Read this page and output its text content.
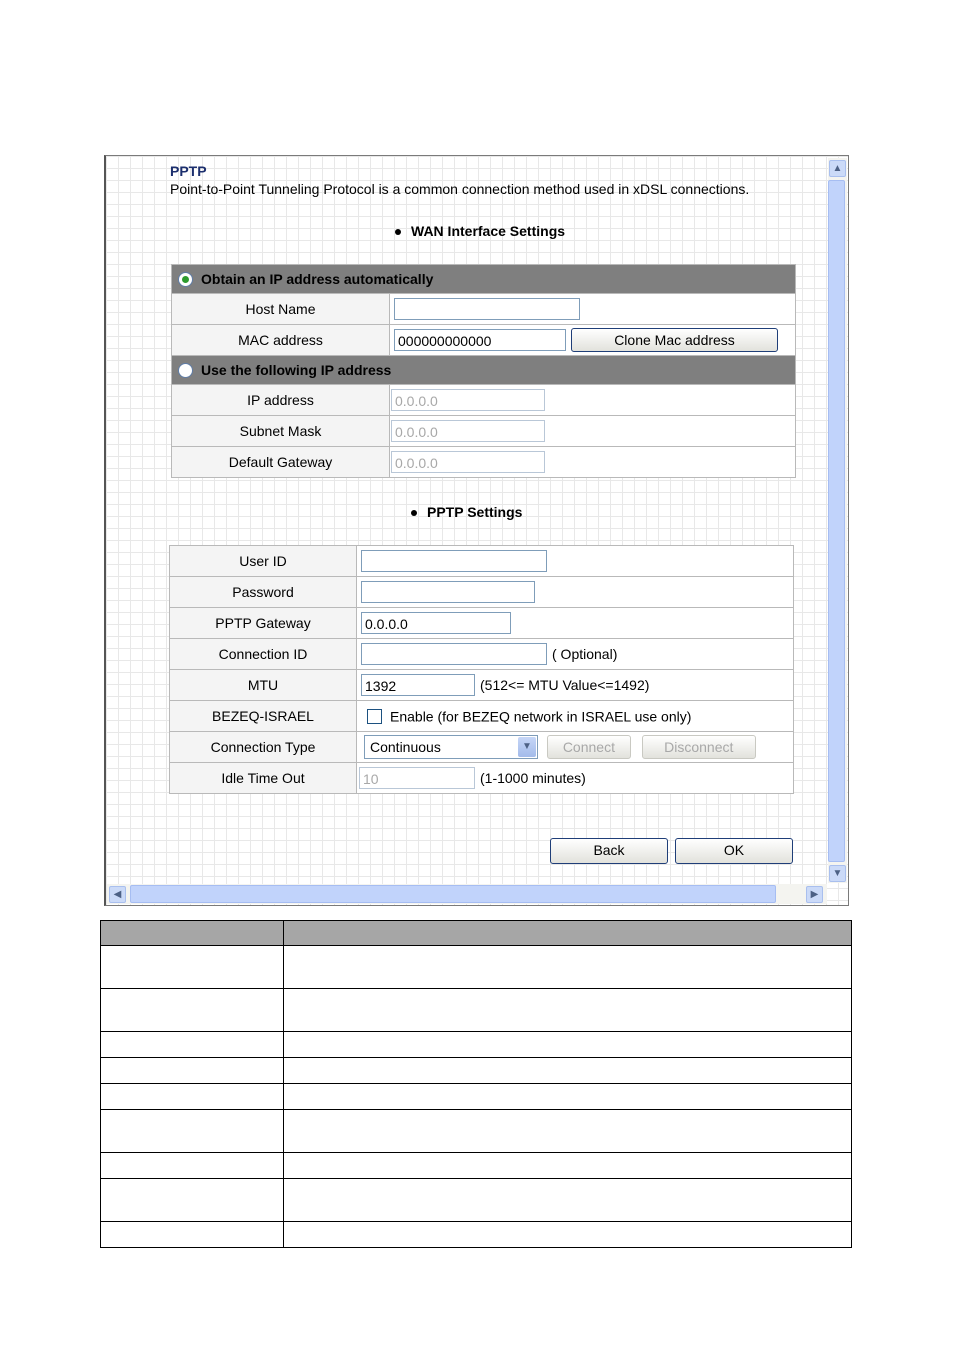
PPTP
Point-to-Point Tunneling Protocol is a common connection method used in xDSL connections.
WAN Interface Settings
Obtain an IP address automatically	
Host Name	
MAC address	000000000000 Clone Mac address
Use the following IP address	
IP address	0.0.0.0
Subnet Mask	0.0.0.0
Default Gateway	0.0.0.0
PPTP Settings
User ID	
Password	
PPTP Gateway	0.0.0.0
Connection ID	( Optional)
MTU	1392 (512<= MTU Value<=1492)
BEZEQ-ISRAEL	Enable (for BEZEQ network in ISRAEL use only)
Connection Type	Continuous ▼ Connect Disconnect
Idle Time Out	10 (1-1000 minutes)
Back	OK
▲
▼
◀	▶
